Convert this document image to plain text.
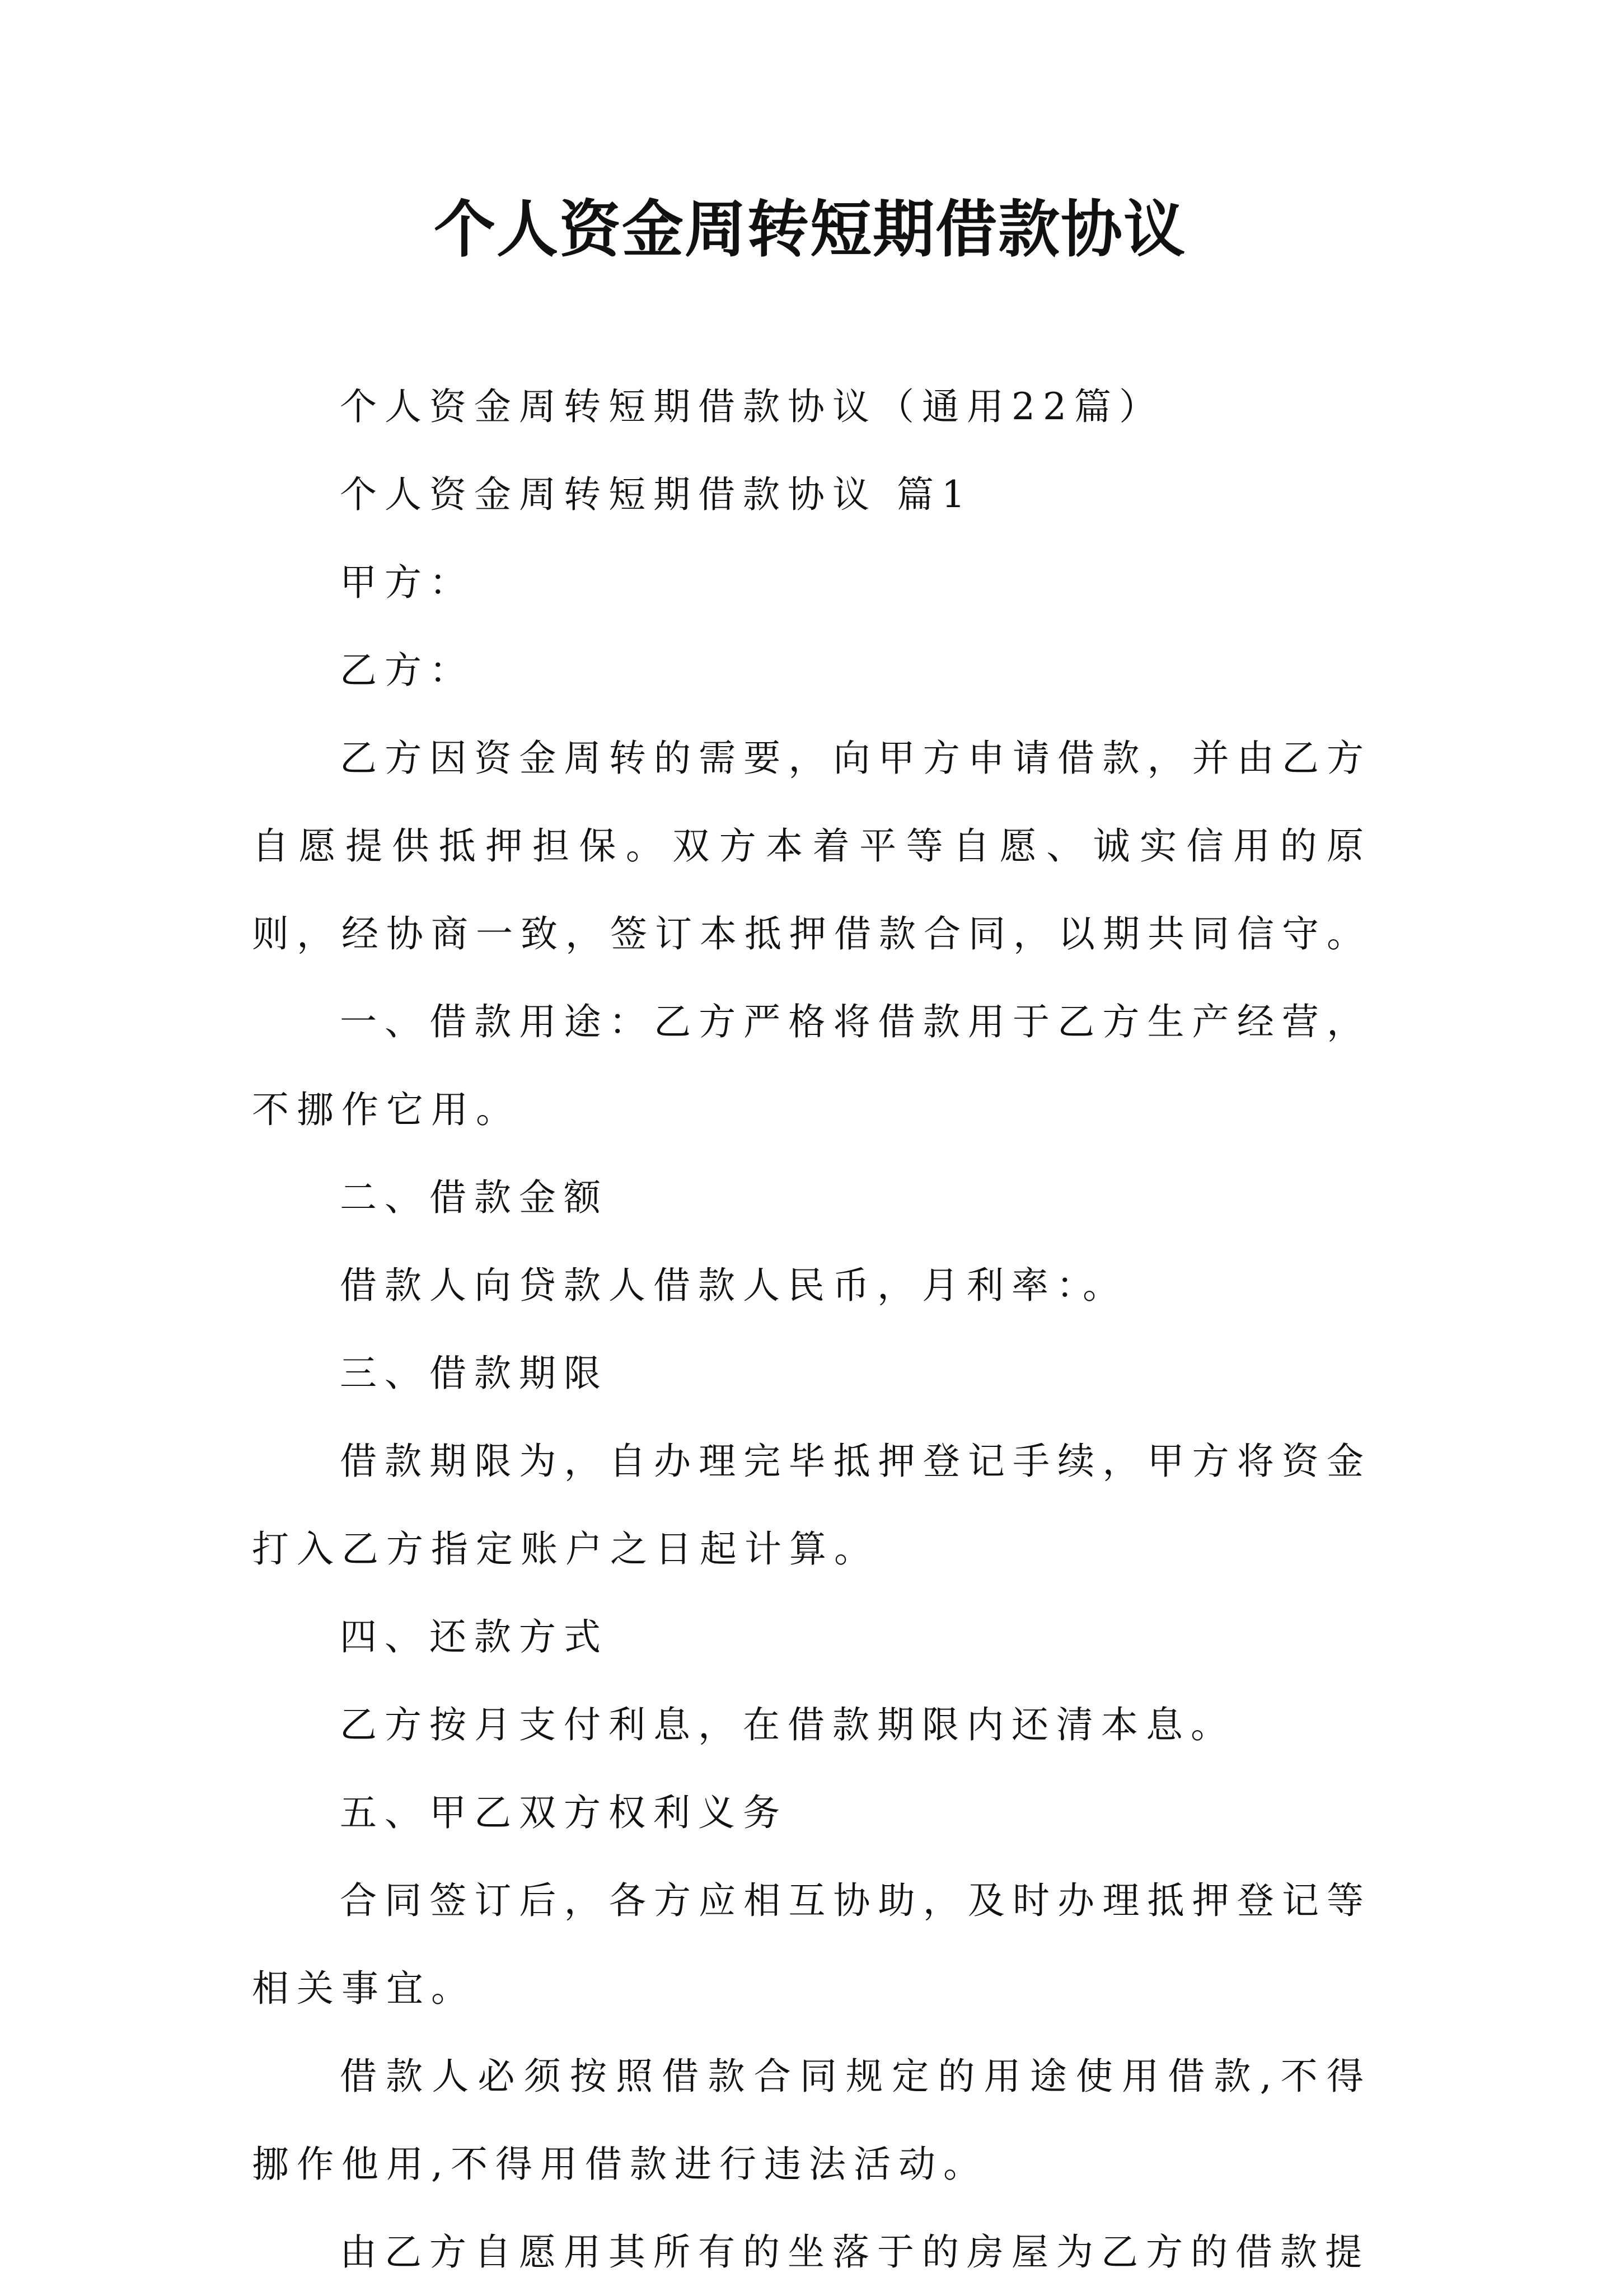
个人资金周转短期借款协议

个人资金周转短期借款协议（通用22篇）

个人资金周转短期借款协议 篇1

甲方：

乙方：

乙方因资金周转的需要，向甲方申请借款，并由乙方自愿提供抵押担保。双方本着平等自愿、诚实信用的原则，经协商一致，签订本抵押借款合同，以期共同信守。

一、借款用途：乙方严格将借款用于乙方生产经营，不挪作它用。

二、借款金额

借款人向贷款人借款人民币，月利率：。

三、借款期限

借款期限为，自办理完毕抵押登记手续，甲方将资金打入乙方指定账户之日起计算。

四、还款方式

乙方按月支付利息，在借款期限内还清本息。

五、甲乙双方权利义务

合同签订后，各方应相互协助，及时办理抵押登记等相关事宜。

借款人必须按照借款合同规定的用途使用借款,不得挪作他用,不得用借款进行违法活动。

由乙方自愿用其所有的坐落于的房屋为乙方的借款提
